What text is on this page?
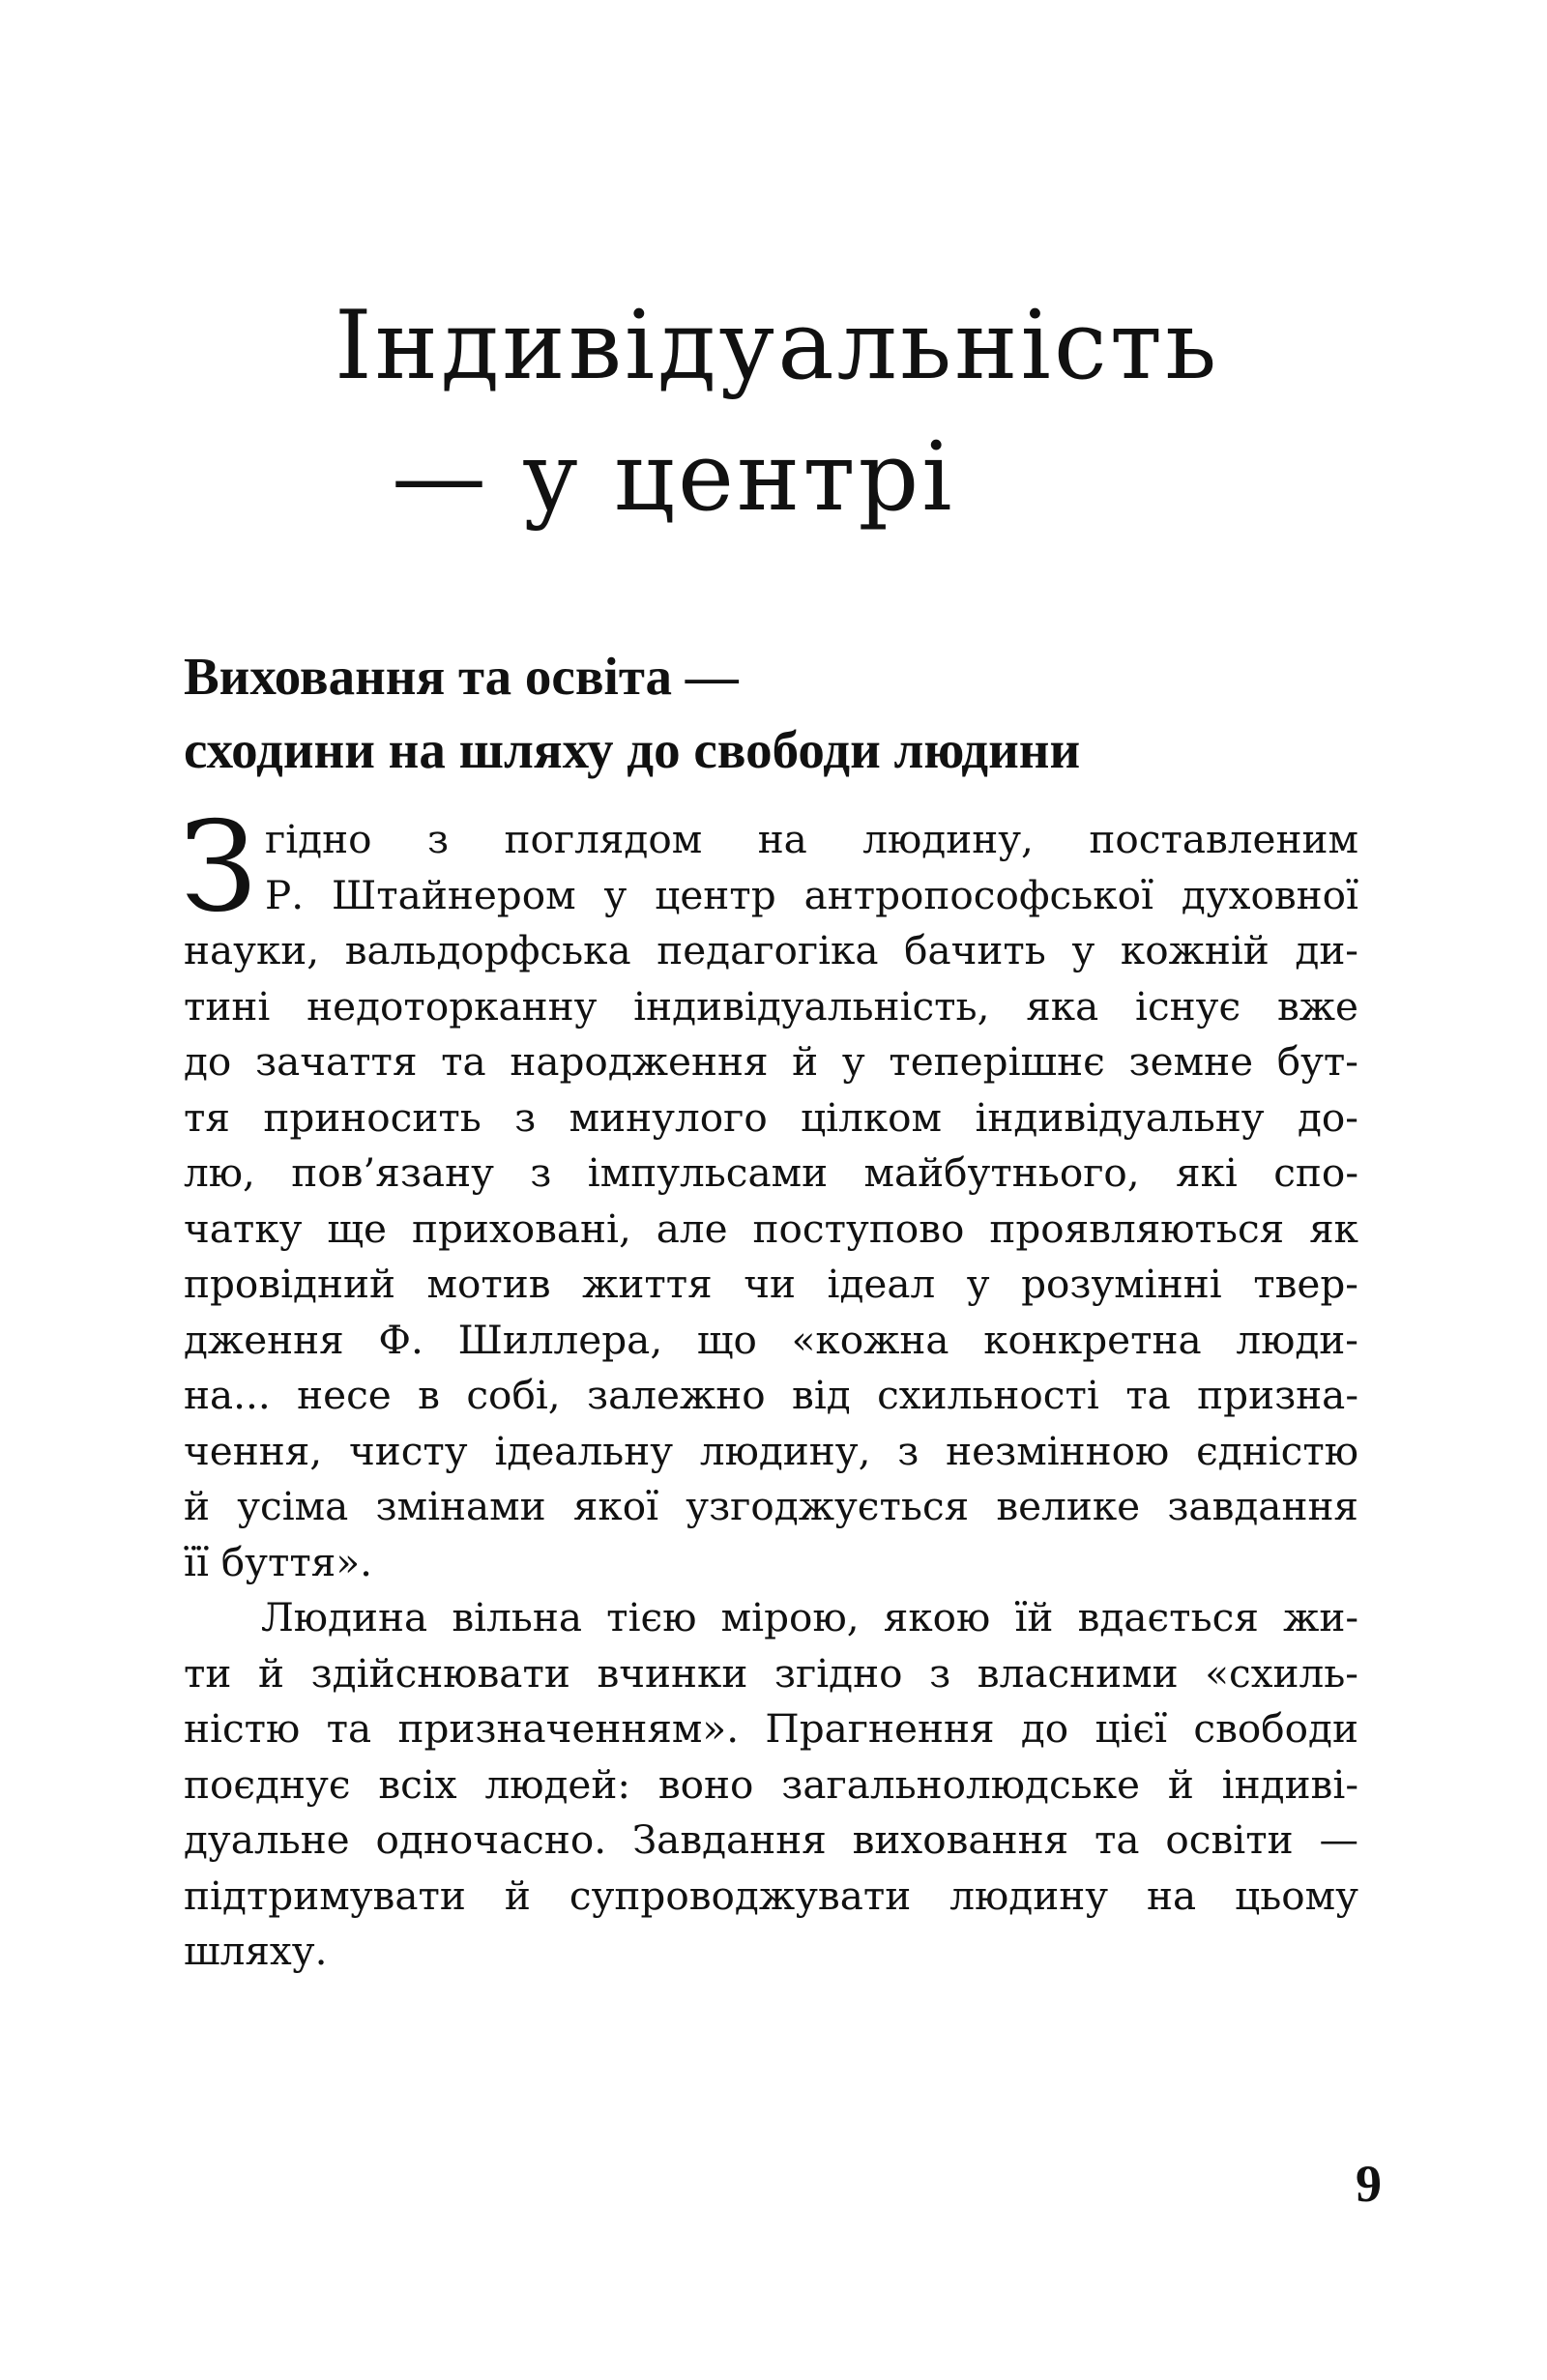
Індивідуальність
— у центрі
Виховання та освіта —
сходини на шляху до свободи людини
З гідно з поглядом на людину, поставленим
Р. Штайнером у центр антропософської духовної
науки, вальдорфська педагогіка бачить у кожній ди-
тині недоторканну індивідуальність, яка існує вже
до зачаття та народження й у теперішнє земне бут-
тя приносить з минулого цілком індивідуальну до-
лю, пов’язану з імпульсами майбутнього, які спо-
чатку ще приховані, але поступово проявляються як
провідний мотив життя чи ідеал у розумінні твер-
дження Ф. Шиллера, що «кожна конкретна люди-
на... несе в собі, залежно від схильності та призна-
чення, чисту ідеальну людину, з незмінною єдністю
й усіма змінами якої узгоджується велике завдання
її буття».
Людина вільна тією мірою, якою їй вдається жи-
ти й здійснювати вчинки згідно з власними «схиль-
ністю та призначенням». Прагнення до цієї свободи
поєднує всіх людей: воно загальнолюдське й індиві-
дуальне одночасно. Завдання виховання та освіти —
підтримувати й супроводжувати людину на цьому
шляху.
9
